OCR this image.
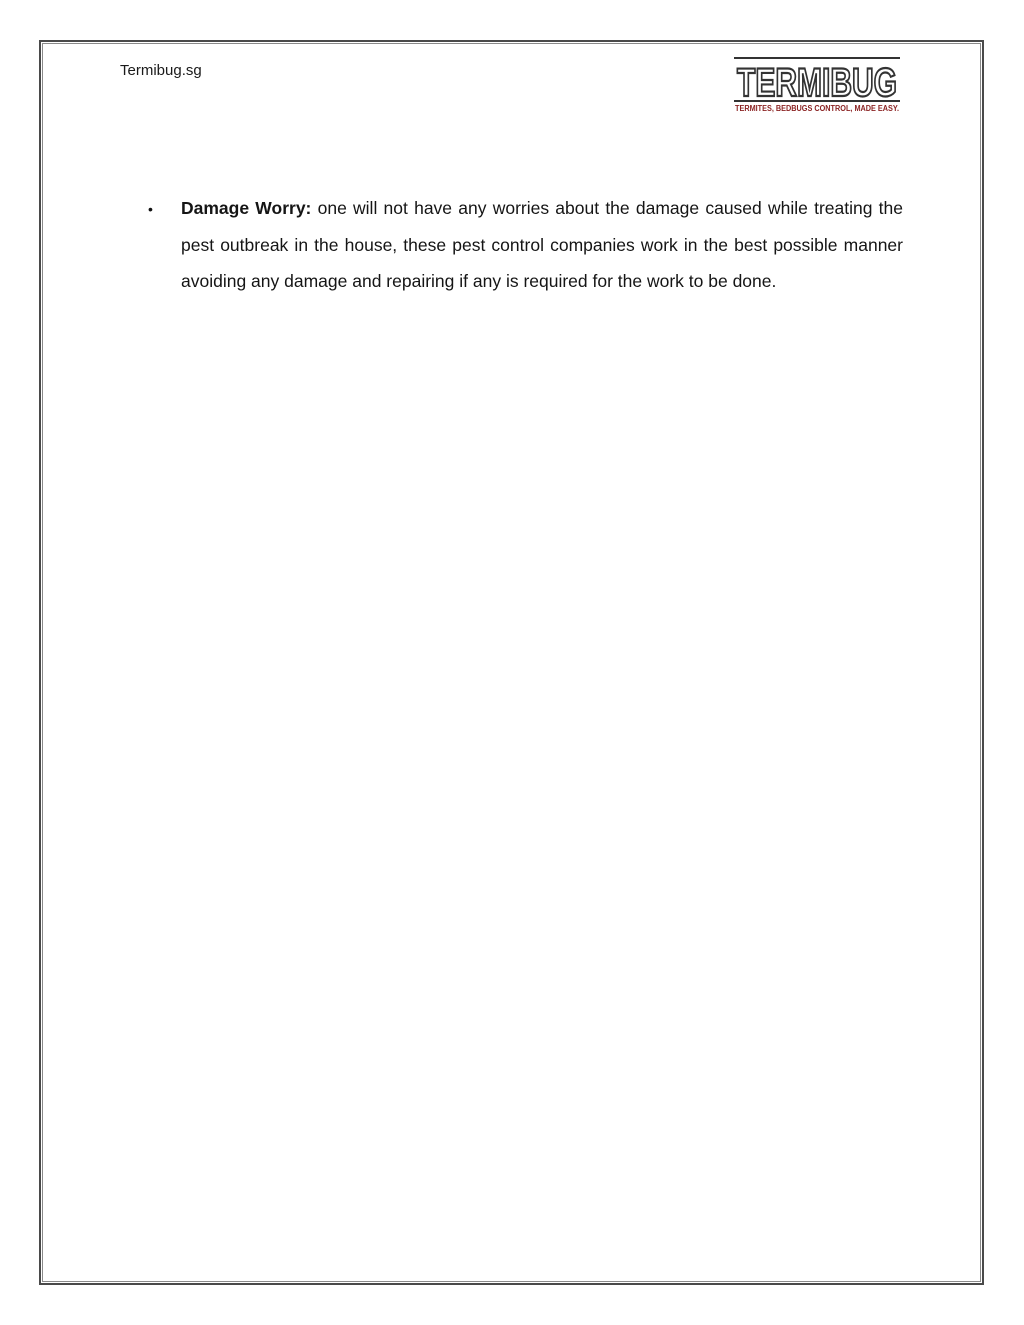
Termibug.sg	TERMIBUG
TERMITES, BEDBUGS CONTROL, MADE EASY.
• Damage Worry: one will not have any worries about the damage caused while treating the pest outbreak in the house, these pest control companies work in the best possible manner avoiding any damage and repairing if any is required for the work to be done.
